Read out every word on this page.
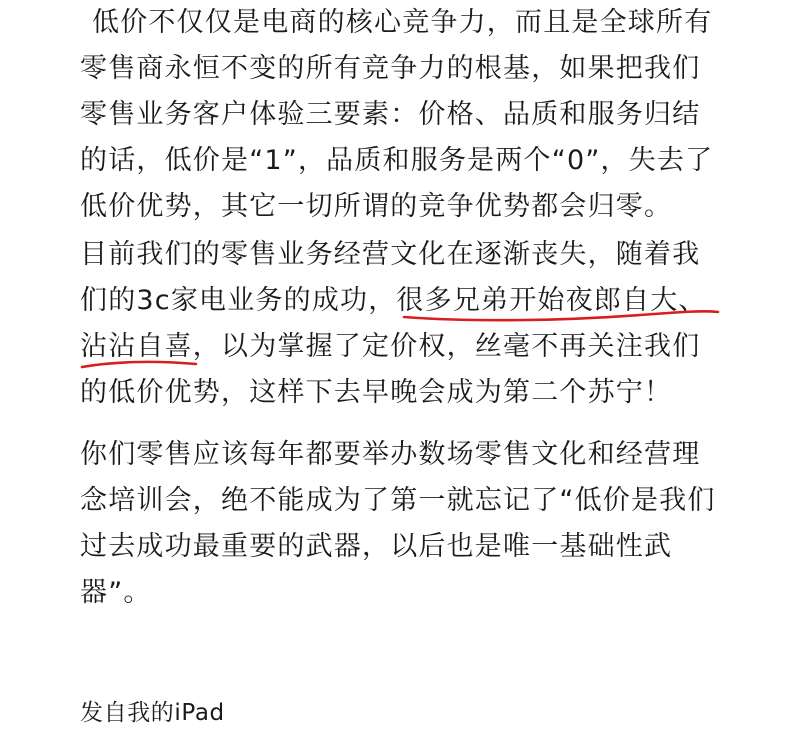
低价不仅仅是电商的核心竞争力，而且是全球所有
零售商永恒不变的所有竞争力的根基，如果把我们
零售业务客户体验三要素：价格、品质和服务归结
的话，低价是“1”，品质和服务是两个“0”，失去了
低价优势，其它一切所谓的竞争优势都会归零。
目前我们的零售业务经营文化在逐渐丧失，随着我
们的3c家电业务的成功，很多兄弟开始夜郎自大、
沾沾自喜，以为掌握了定价权，丝毫不再关注我们
的低价优势，这样下去早晚会成为第二个苏宁！
你们零售应该每年都要举办数场零售文化和经营理
念培训会，绝不能成为了第一就忘记了“低价是我们
过去成功最重要的武器，以后也是唯一基础性武
器”。
发自我的iPad
